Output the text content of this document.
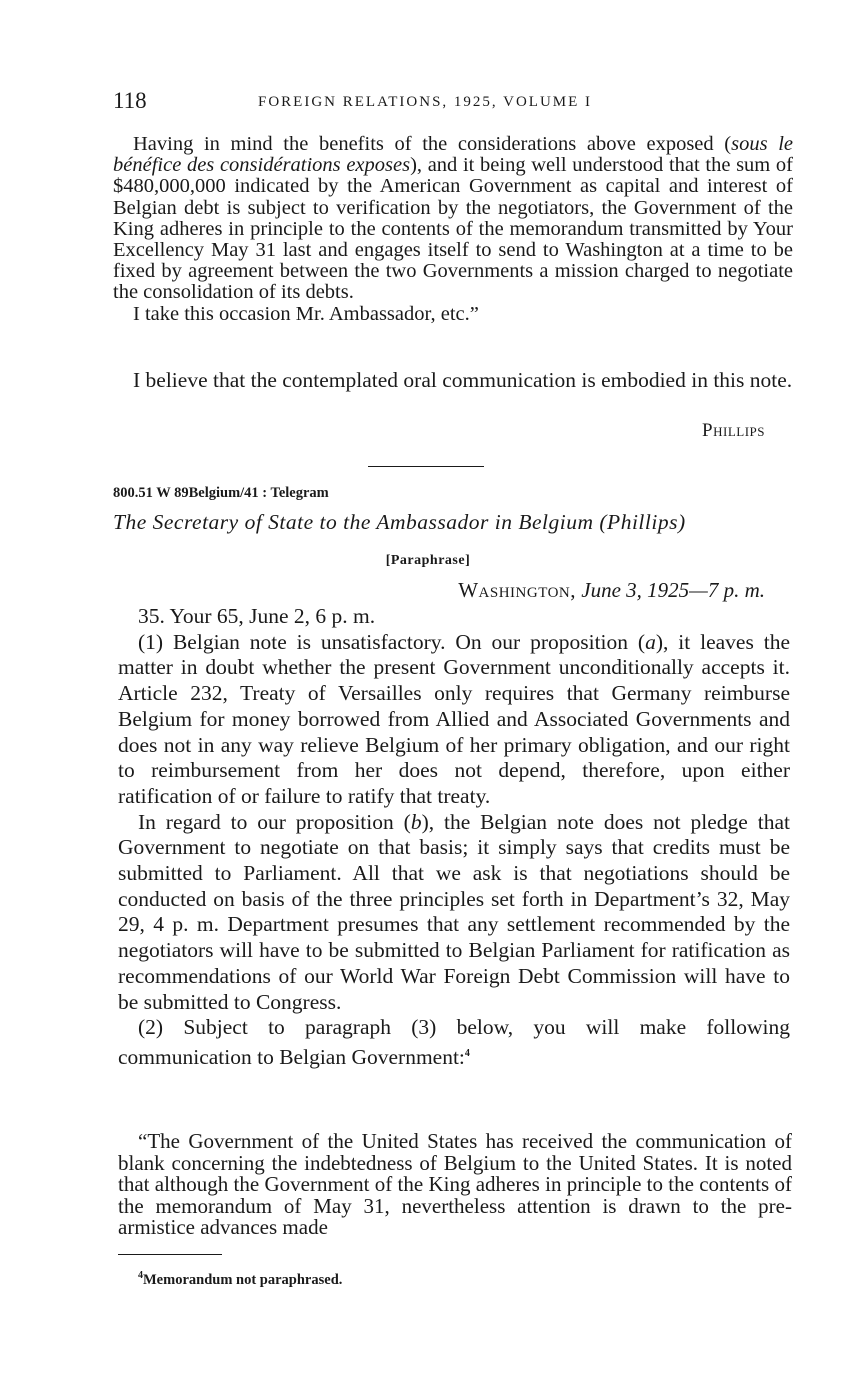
118	FOREIGN RELATIONS, 1925, VOLUME I

Having in mind the benefits of the considerations above exposed (sous le bénéfice des considérations exposes), and it being well understood that the sum of $480,000,000 indicated by the American Government as capital and interest of Belgian debt is subject to verification by the negotiators, the Government of the King adheres in principle to the contents of the memorandum transmitted by Your Excellency May 31 last and engages itself to send to Washington at a time to be fixed by agreement between the two Governments a mission charged to negotiate the consolidation of its debts.

I take this occasion Mr. Ambassador, etc.”

I believe that the contemplated oral communication is embodied in this note.

Phillips
800.51 W 89Belgium/41 : Telegram
The Secretary of State to the Ambassador in Belgium (Phillips)
[Paraphrase]
Washington, June 3, 1925—7 p. m.

35. Your 65, June 2, 6 p. m.

(1) Belgian note is unsatisfactory. On our proposition (a), it leaves the matter in doubt whether the present Government unconditionally accepts it. Article 232, Treaty of Versailles only requires that Germany reimburse Belgium for money borrowed from Allied and Associated Governments and does not in any way relieve Belgium of her primary obligation, and our right to reimbursement from her does not depend, therefore, upon either ratification of or failure to ratify that treaty.

In regard to our proposition (b), the Belgian note does not pledge that Government to negotiate on that basis; it simply says that credits must be submitted to Parliament. All that we ask is that negotiations should be conducted on basis of the three principles set forth in Department’s 32, May 29, 4 p. m. Department presumes that any settlement recommended by the negotiators will have to be submitted to Belgian Parliament for ratification as recommendations of our World War Foreign Debt Commission will have to be submitted to Congress.

(2) Subject to paragraph (3) below, you will make following communication to Belgian Government:$^4$

“The Government of the United States has received the communication of blank concerning the indebtedness of Belgium to the United States. It is noted that although the Government of the King adheres in principle to the contents of the memorandum of May 31, nevertheless attention is drawn to the pre-armistice advances made

$^4$Memorandum not paraphrased.
